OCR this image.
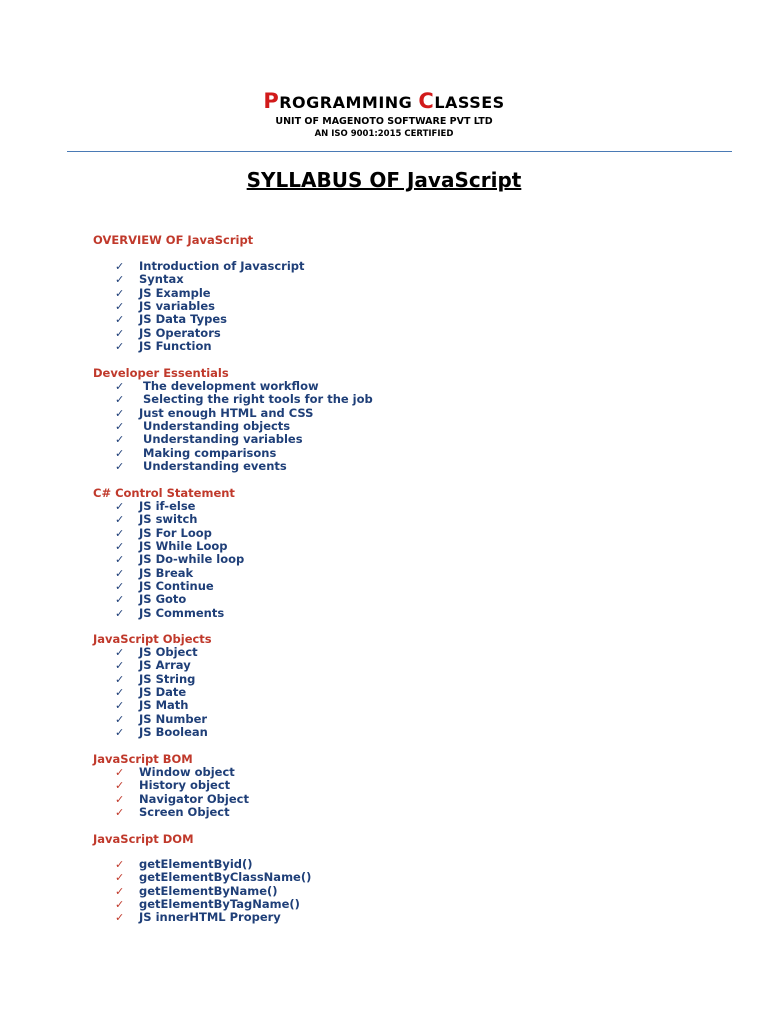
PROGRAMMING CLASSES
UNIT OF MAGENOTO SOFTWARE PVT LTD
AN ISO 9001:2015 CERTIFIED
SYLLABUS OF JavaScript
OVERVIEW OF JavaScript
✓ Introduction of Javascript
✓ Syntax
✓ JS Example
✓ JS variables
✓ JS Data Types
✓ JS Operators
✓ JS Function
Developer Essentials
✓ The development workflow
✓ Selecting the right tools for the job
✓ Just enough HTML and CSS
✓ Understanding objects
✓ Understanding variables
✓ Making comparisons
✓ Understanding events
C# Control Statement
✓ JS if-else
✓ JS switch
✓ JS For Loop
✓ JS While Loop
✓ JS Do-while loop
✓ JS Break
✓ JS Continue
✓ JS Goto
✓ JS Comments
JavaScript Objects
✓ JS Object
✓ JS Array
✓ JS String
✓ JS Date
✓ JS Math
✓ JS Number
✓ JS Boolean
JavaScript BOM
✓ Window object
✓ History object
✓ Navigator Object
✓ Screen Object
JavaScript DOM
✓ getElementByid()
✓ getElementByClassName()
✓ getElementByName()
✓ getElementByTagName()
✓ JS innerHTML Propery
